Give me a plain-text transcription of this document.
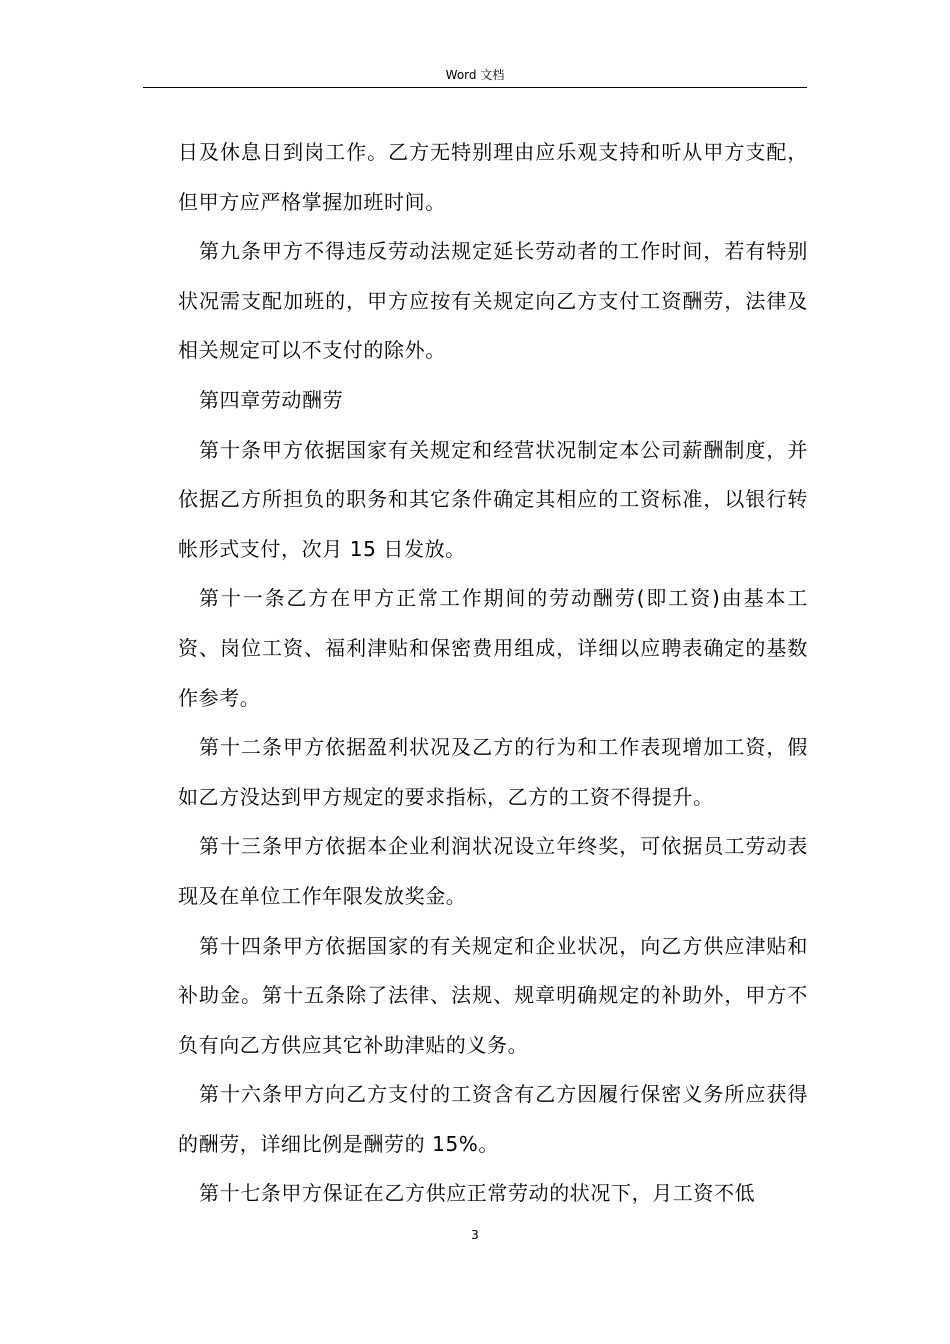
Word 文档

日及休息日到岗工作。乙方无特别理由应乐观支持和听从甲方支配，但甲方应严格掌握加班时间。

第九条甲方不得违反劳动法规定延长劳动者的工作时间，若有特别状况需支配加班的，甲方应按有关规定向乙方支付工资酬劳，法律及相关规定可以不支付的除外。

第四章劳动酬劳

第十条甲方依据国家有关规定和经营状况制定本公司薪酬制度，并依据乙方所担负的职务和其它条件确定其相应的工资标准，以银行转帐形式支付，次月 15 日发放。

第十一条乙方在甲方正常工作期间的劳动酬劳(即工资)由基本工资、岗位工资、福利津贴和保密费用组成，详细以应聘表确定的基数作参考。

第十二条甲方依据盈利状况及乙方的行为和工作表现增加工资，假如乙方没达到甲方规定的要求指标，乙方的工资不得提升。

第十三条甲方依据本企业利润状况设立年终奖，可依据员工劳动表现及在单位工作年限发放奖金。

第十四条甲方依据国家的有关规定和企业状况，向乙方供应津贴和补助金。第十五条除了法律、法规、规章明确规定的补助外，甲方不负有向乙方供应其它补助津贴的义务。

第十六条甲方向乙方支付的工资含有乙方因履行保密义务所应获得的酬劳，详细比例是酬劳的 15%。

第十七条甲方保证在乙方供应正常劳动的状况下，月工资不低

3
